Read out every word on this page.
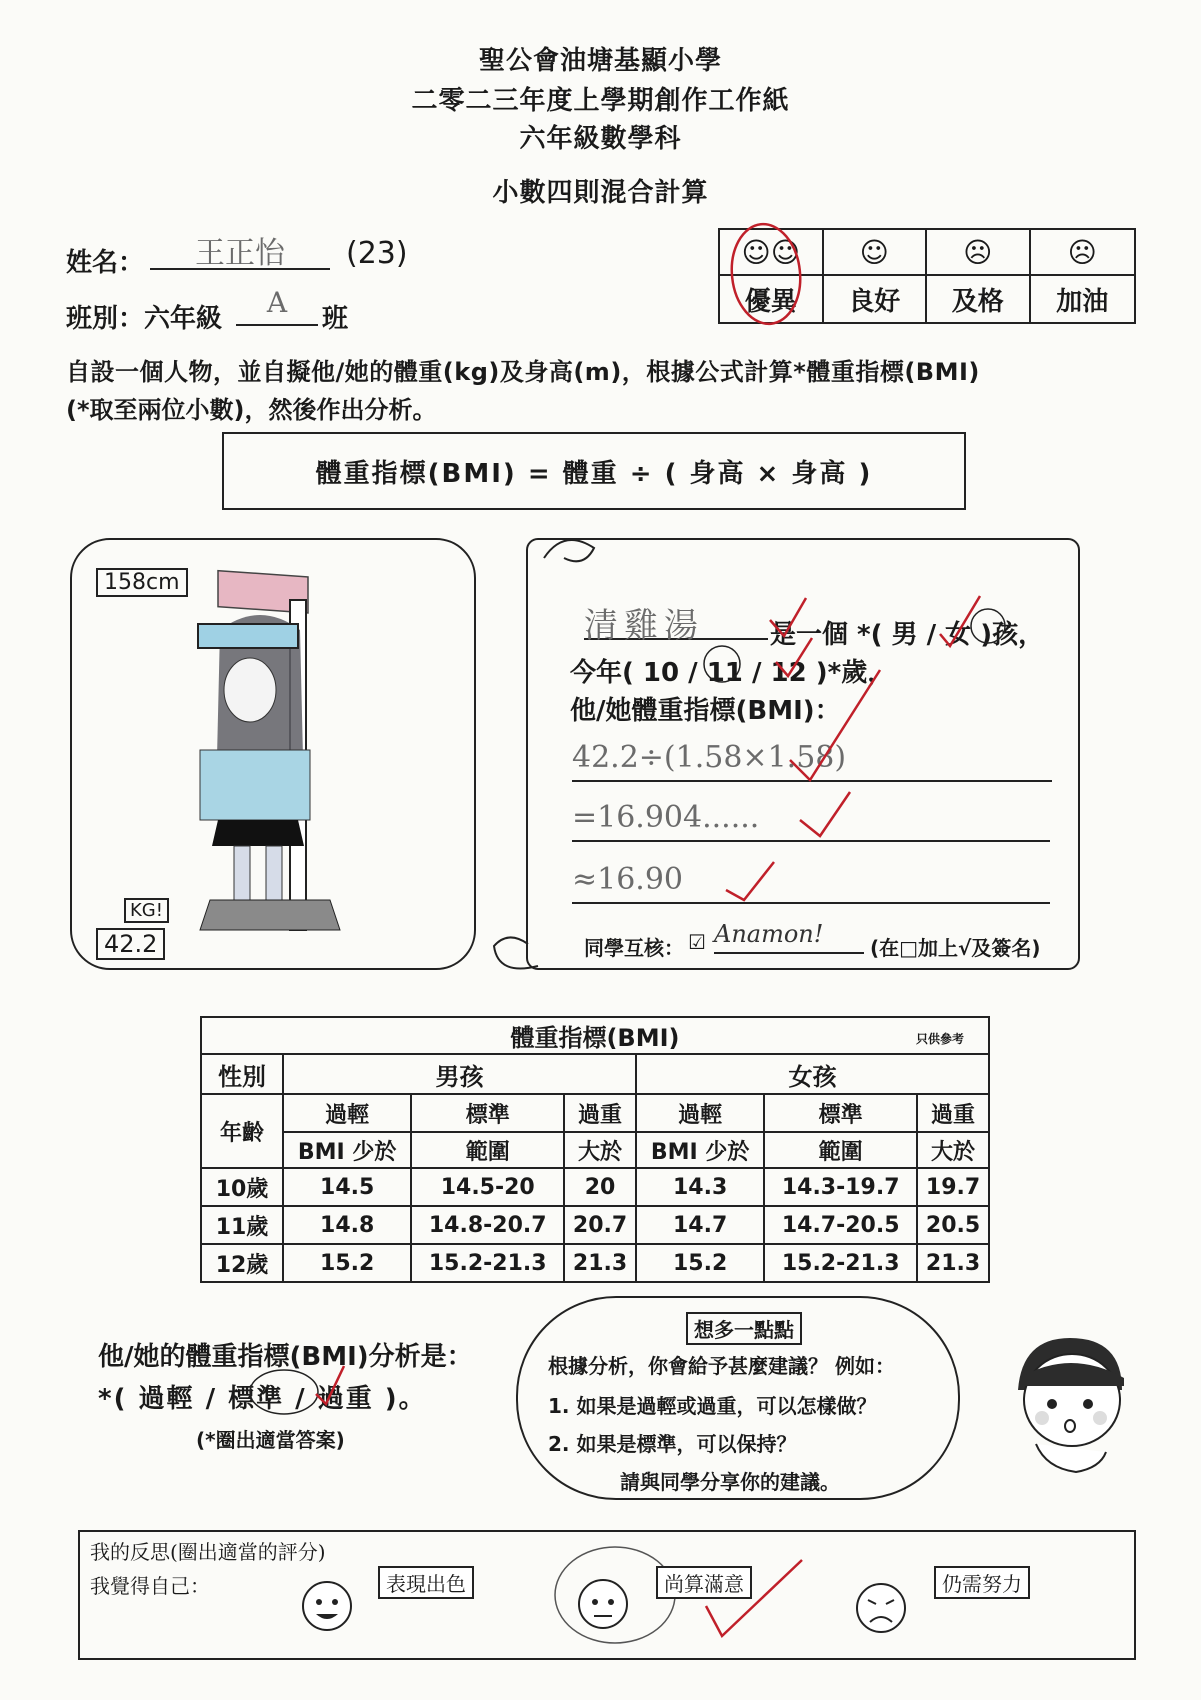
聖公會油塘基顯小學
二零二三年度上學期創作工作紙
六年級數學科
小數四則混合計算
姓名：	王正怡	(23)
班別：六年級	A	班
☺☺	☺	☹	☹
優異	良好	及格	加油
自設一個人物，並自擬他/她的體重(kg)及身高(m)，根據公式計算*體重指標(BMI)
(*取至兩位小數)，然後作出分析。
體重指標(BMI) = 體重 ÷ ( 身高 × 身高 )
158cm
KG!
42.2
清雞湯	是一個 *( 男 / 女 )孩，
今年( 10 / 11 / 12 )*歲，
他/她體重指標(BMI)：
42.2÷(1.58×1.58)
=16.904......
≈16.90
同學互核： ☑ Anamon!	(在□加上√及簽名)
體重指標(BMI) 只供參考						

性別	男孩			女孩		
年齡	過輕	標準	過重	過輕	標準	過重
	BMI 少於	範圍	大於	BMI 少於	範圍	大於
10歲	14.5	14.5-20	20	14.3	14.3-19.7	19.7
11歲	14.8	14.8-20.7	20.7	14.7	14.7-20.5	20.5
12歲	15.2	15.2-21.3	21.3	15.2	15.2-21.3	21.3
他/她的體重指標(BMI)分析是：
*( 過輕 / 標準 / 過重 )。
(*圈出適當答案)
想多一點點
根據分析，你會給予甚麼建議？ 例如：
1. 如果是過輕或過重，可以怎樣做？
2. 如果是標準，可以保持？
請與同學分享你的建議。
我的反思(圈出適當的評分)
我覺得自己：	表現出色	尚算滿意	仍需努力
